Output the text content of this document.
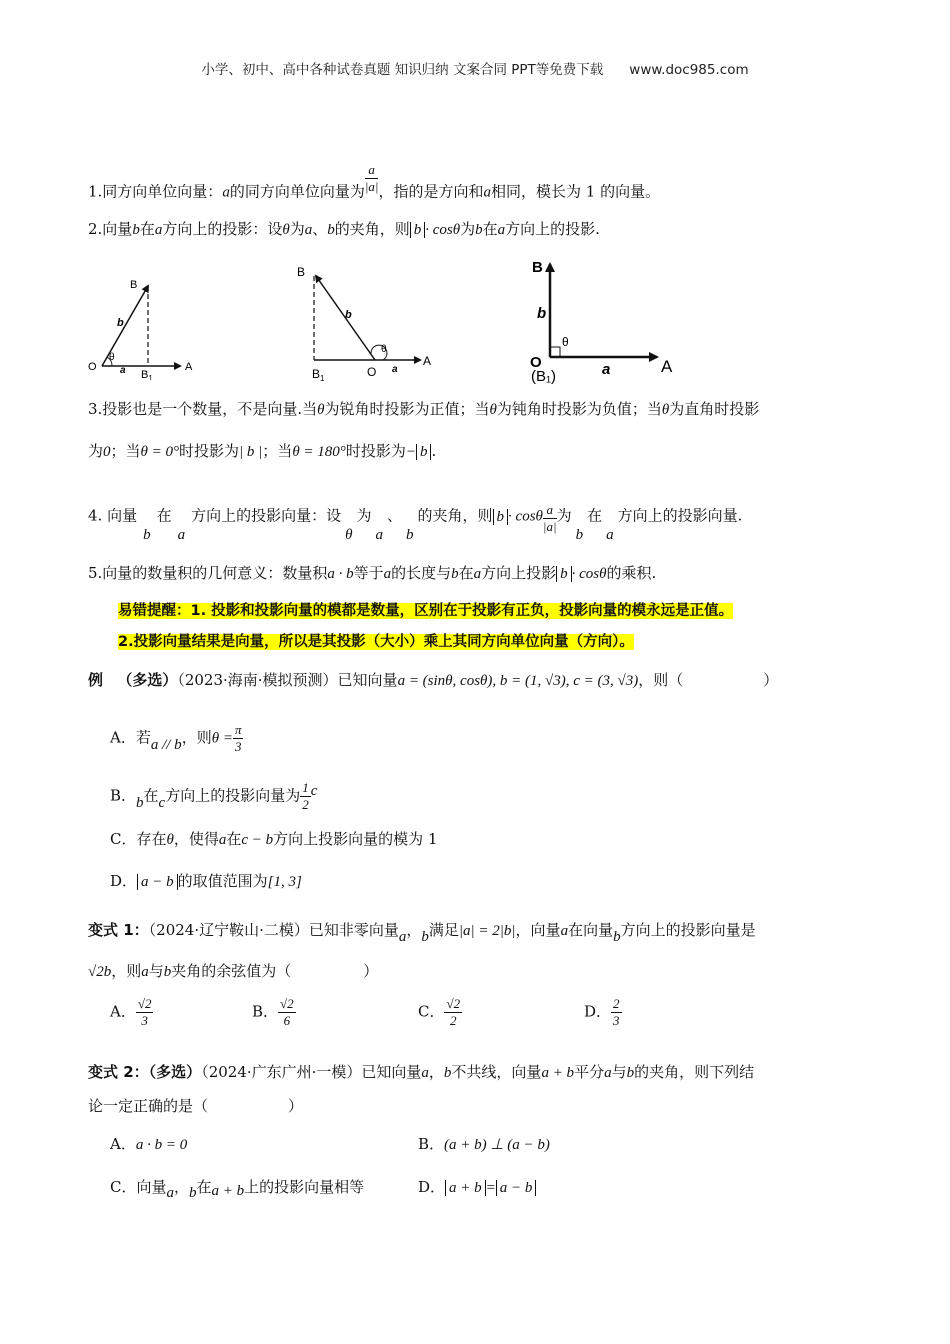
小学、初中、高中各种试卷真题 知识归纳 文案合同 PPT等免费下载 www.doc985.com
1.同方向单位向量：a的同方向单位向量为 $\frac{a}{|a|}$ ，指的是方向和a相同，模长为 1 的向量。
2.向量b在a方向上的投影：设θ为a、b的夹角，则 b · cosθ为b在a方向上的投影.
B
b
O
θ
a $B_1$
A
B
b
$B_1$	O a
θ
A
B
b
O
θ
(B₁)	a	A
3.投影也是一个数量，不是向量.当θ为锐角时投影为正值；当θ为钝角时投影为负值；当θ为直角时投影
为0；当θ = 0°时投影为| b |；当θ = 180°时投影为− b .
4. 向量b在a方向上的投影向量：设θ为a、b的夹角，则 b · cosθ $\frac{a}{|a|}$ 为b在a方向上的投影向量.
5.向量的数量积的几何意义：数量积a · b等于a的长度与b在a方向上投影 b · cosθ的乘积.
易错提醒：1. 投影和投影向量的模都是数量，区别在于投影有正负，投影向量的模永远是正值。
2.投影向量结果是向量，所以是其投影（大小）乘上其同方向单位向量（方向）。
例 （多选）（2023·海南·模拟预测）已知向量a = (sinθ, cosθ), b = (1, √3), c = (3, √3)，则（	）
A．若a // b，则$\theta = \frac{\pi}{3}$
B．b在c方向上的投影向量为 $\frac{1}{2}$ c
C．存在θ，使得a在c − b方向上投影向量的模为 1
D． a − b 的取值范围为[1, 3]
变式 1：（2024·辽宁鞍山·二模）已知非零向量a，b满足|a| = 2|b|，向量a在向量b方向上的投影向量是
√2b，则a与b夹角的余弦值为（	）
A． $\frac{√2}{3}$	B． $\frac{√2}{6}$	C． $\frac{√2}{2}$	D． $\frac{2}{3}$
变式 2：（多选）（2024·广东广州·一模）已知向量a，b不共线，向量a + b平分a与b的夹角，则下列结
论一定正确的是（	）
A．a · b = 0	B．(a + b) ⊥ (a − b)
C．向量a，b在a + b上的投影向量相等	D． a + b = a − b
